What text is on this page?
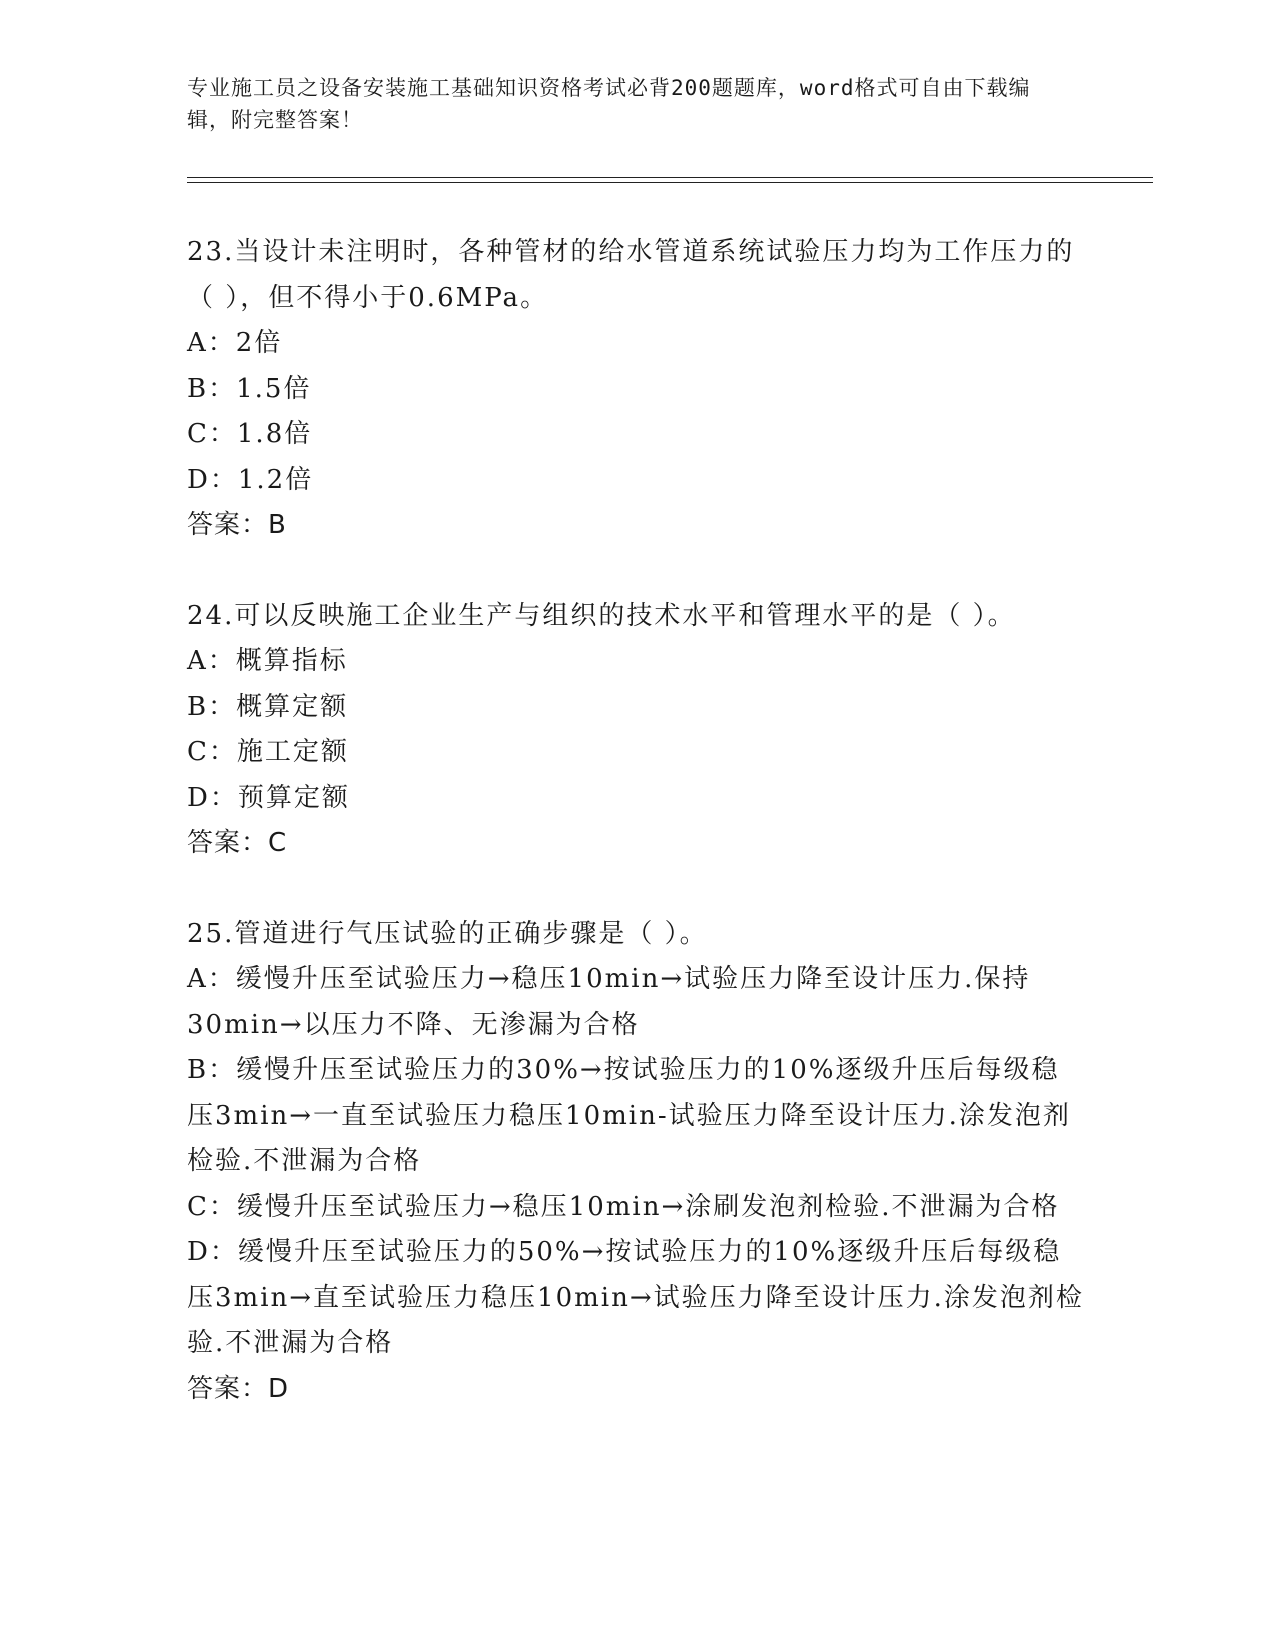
专业施工员之设备安装施工基础知识资格考试必背200题题库，word格式可自由下载编辑，附完整答案！

23.当设计未注明时，各种管材的给水管道系统试验压力均为工作压力的（ ），但不得小于0.6MPa。

A：2倍

B：1.5倍

C：1.8倍

D：1.2倍

答案：B

24.可以反映施工企业生产与组织的技术水平和管理水平的是（ ）。

A：概算指标

B：概算定额

C：施工定额

D：预算定额

答案：C

25.管道进行气压试验的正确步骤是（ ）。

A：缓慢升压至试验压力→稳压10min→试验压力降至设计压力.保持30min→以压力不降、无渗漏为合格

B：缓慢升压至试验压力的30%→按试验压力的10%逐级升压后每级稳压3min→一直至试验压力稳压10min-试验压力降至设计压力.涂发泡剂检验.不泄漏为合格

C：缓慢升压至试验压力→稳压10min→涂刷发泡剂检验.不泄漏为合格

D：缓慢升压至试验压力的50%→按试验压力的10%逐级升压后每级稳压3min→直至试验压力稳压10min→试验压力降至设计压力.涂发泡剂检验.不泄漏为合格

答案：D
